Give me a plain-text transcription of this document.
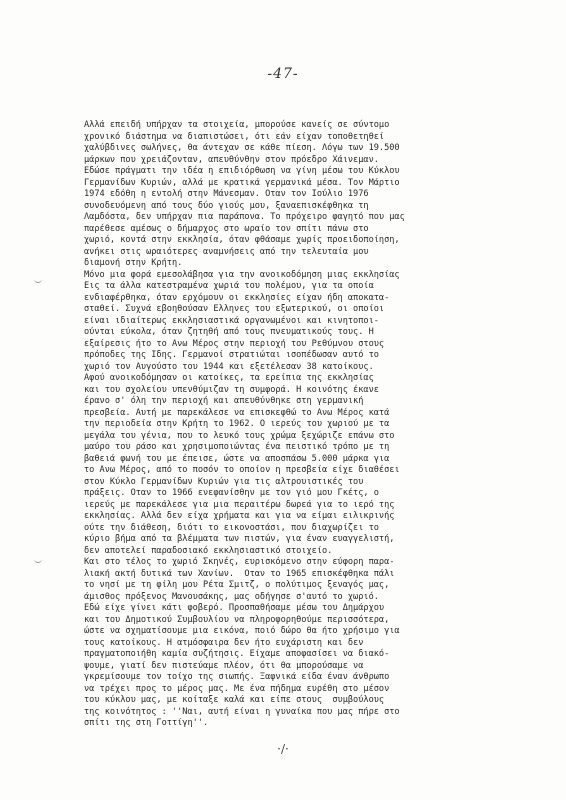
-47-
Αλλά επειδή υπήρχαν τα στοιχεία, μπορούσε κανείς σε σύντομο
χρονικό διάστημα να διαπιστώσει, ότι εάν είχαν τοποθετηθεί
χαλύβδινες σωλήνες, θα άντεχαν σε κάθε πίεση. Λόγω των 19.500
μάρκων που χρειάζονταν, απευθύνθην στον πρόεδρο Χάινεμαν.
Εδώσε πράγματι την ιδέα η επιδιόρθωση να γίνη μέσω του Κύκλου
Γερμανίδων Κυριών, αλλά με κρατικά γερμανικά μέσα. Τον Μάρτιο
1974 εδόθη η εντολή στην Μάνεσμαν. Οταν τον Ιούλιο 1976
συνοδευόμενη από τους δύο γιούς μου, ξαναεπισκέφθηκα τη
Λαμδόστα, δεν υπήρχαν πια παράπονα. Το πρόχειρο φαγητό που μας
παρέθεσε αμέσως ο δήμαρχος στο ωραίο τον σπίτι πάνω στο
χωριό, κοντά στην εκκλησία, όταν φθάσαμε χωρίς προειδοποίηση,
ανήκει στις ωραιότερες αναμνήσεις από την τελευταία μου
διαμονή στην Κρήτη.
Μόνο μια φορά εμεσολάβησα για την ανοικοδόμηση μιας εκκλησίας
Εις τα άλλα κατεστραμένα χωριά του πολέμου, για τα οποία
ενδιαφέρθηκα, όταν ερχόμουν οι εκκλησίες είχαν ήδη αποκατα-
σταθεί. Συχνά εβοηθούσαν Ελληνες του εξωτερικού, οι οποίοι
είναι ιδιαίτερως εκκλησιαστικά οργανωμένοι και κινητοποι-
ούνται εύκολα, όταν ζητηθή από τους πνευματικούς τους. Η
εξαίρεσις ήτο το Ανω Μέρος στην περιοχή του Ρεθύμνου στους
πρόποδες της Ιδης. Γερμανοί στρατιώται ισοπέδωσαν αυτό το
χωριό τον Αυγούστο του 1944 και εξετέλεσαν 38 κατοίκους.
Αφού ανοικοδόμησαν οι κατοίκες, τα ερείπια της εκκλησίας
και του σχολείου υπενθύμιζαν τη συμφορά. Η κοινότης έκανε
έρανο σ' όλη την περιοχή και απευθύνθηκε στη γερμανική
πρεσβεία. Αυτή με παρεκάλεσε να επισκεφθώ το Ανω Μέρος κατά
την περιοδεία στην Κρήτη το 1962. Ο ιερεύς του χωριού με τα
μεγάλα του γένια, που το λευκό τους χρώμα ξεχώριζε επάνω στο
μαύρο του ράσο και χρησιμοποιώντας ένα πειστικό τρόπο με τη
βαθειά φωνή του με έπεισε, ώστε να αποσπάσω 5.000 μάρκα για
το Ανω Μέρος, από το ποσόν το οποίον η πρεσβεία είχε διαθέσει
στον Κύκλο Γερμανίδων Κυριών για τις αλτρουιστικές του
πράξεις. Οταν το 1966 ενεφανίσθην με τον γιό μου Γκέτς, ο
ιερεύς με παρεκάλεσε για μια περαιτέρω δωρεά για το ιερό της
εκκλησίας. Αλλά δεν είχα χρήματα και για να είμαι ειλικρινής
ούτε την διάθεση, διότι το εικονοστάσι, που διαχωρίζει το
κύριο βήμα από τα βλέμματα των πιστών, για έναν ευαγγελιστή,
δεν αποτελεί παραδοσιακό εκκλησιαστικό στοιχείο.
Και στο τέλος το χωριό Σκηνές, ευρισκόμενο στην εύφορη παρα-
λιακή ακτή δυτικά των Χανίων.  Οταν το 1965 επισκέφθηκα πάλι
το νησί με τη φίλη μου Ρέτα Σμιτζ, ο πολύτιμος ξεναγός μας,
άμισθος πρόξενος Μανουσάκης, μας οδήγησε σ'αυτό το χωριό.
Εδώ είχε γίνει κάτι φοβερό. Προσπαθήσαμε μέσω του Δημάρχου
και του Δημοτικού Συμβουλίου να πληροφορηθούμε περισσότερα,
ώστε να σχηματίσουμε μια εικόνα, ποιό δώρο θα ήτο χρήσιμο για
τους κατοίκους. Η ατμόσφαιρα δεν ήτο ευχάριστη και δεν
πραγματοποιήθη καμία συζήτησις. Είχαμε αποφασίσει να διακό-
ψουμε, γιατί δεν πιστεύαμε πλέον, ότι θα μπορούσαμε να
γκρεμίσουμε τον τοίχο της σιωπής. Ξαφνικά είδα έναν άνθρωπο
να τρέχει προς το μέρος μας. Με ένα πήδημα ευρέθη στο μέσον
του κύκλου μας, με κοίταξε καλά και είπε στους  συμβούλους
της κοινότητος : ''Ναι, αυτή είναι η γυναίκα που μας πήρε στο
σπίτι της στη Γοττίγη''.
·/·
